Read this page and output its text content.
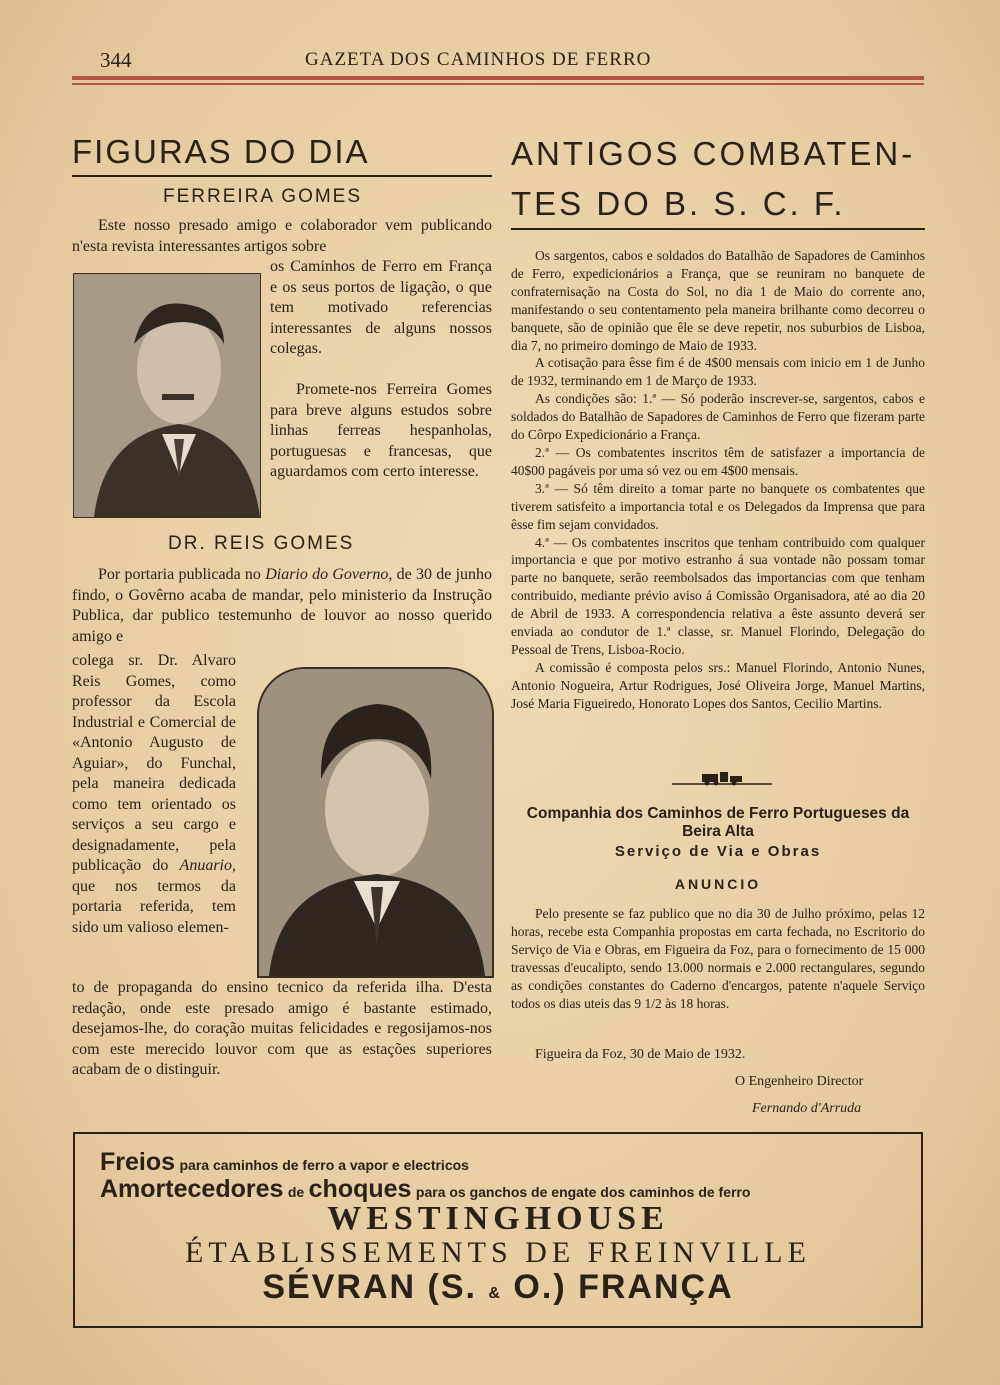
344	GAZETA DOS CAMINHOS DE FERRO
FIGURAS DO DIA
FERREIRA GOMES
Este nosso presado amigo e colaborador vem publicando n'esta revista interessantes artigos sobre
os Caminhos de Ferro em França e os seus portos de ligação, o que tem motivado referencias interessantes de alguns nossos colegas.
Promete-nos Ferreira Gomes para breve alguns estudos sobre linhas ferreas hespanholas, portuguesas e francesas, que aguardamos com certo interesse.
DR. REIS GOMES
Por portaria publicada no Diario do Governo, de 30 de junho findo, o Govêrno acaba de mandar, pelo ministerio da Instrução Publica, dar publico testemunho de louvor ao nosso querido amigo e
colega sr. Dr. Alvaro Reis Gomes, como professor da Escola Industrial e Comercial de «Antonio Augusto de Aguiar», do Funchal, pela maneira dedicada como tem orientado os serviços a seu cargo e designadamente, pela publicação do Anuario, que nos termos da portaria referida, tem sido um valioso elemen-
to de propaganda do ensino tecnico da referida ilha. D'esta redação, onde este presado amigo é bastante estimado, desejamos-lhe, do coração muitas felicidades e regosijamos-nos com este merecido louvor com que as estações superiores acabam de o distinguir.
ANTIGOS COMBATEN-
TES DO B. S. C. F.

Os sargentos, cabos e soldados do Batalhão de Sapadores de Caminhos de Ferro, expedicionários a França, que se reuniram no banquete de confraternisação na Costa do Sol, no dia 1 de Maio do corrente ano, manifestando o seu contentamento pela maneira brilhante como decorreu o banquete, são de opinião que êle se deve repetir, nos suburbios de Lisboa, dia 7, no primeiro domingo de Maio de 1933.

A cotisação para êsse fim é de 4$00 mensais com inicio em 1 de Junho de 1932, terminando em 1 de Março de 1933.

As condições são: 1.ª — Só poderão inscrever-se, sargentos, cabos e soldados do Batalhão de Sapadores de Caminhos de Ferro que fizeram parte do Côrpo Expedicionário a França.

2.ª — Os combatentes inscritos têm de satisfazer a importancia de 40$00 pagáveis por uma só vez ou em 4$00 mensais.

3.ª — Só têm direito a tomar parte no banquete os combatentes que tiverem satisfeito a importancia total e os Delegados da Imprensa que para êsse fim sejam convidados.

4.ª — Os combatentes inscritos que tenham contribuido com qualquer importancia e que por motivo estranho á sua vontade não possam tomar parte no banquete, serão reembolsados das importancias com que tenham contribuido, mediante prévio aviso á Comissão Organisadora, até ao dia 20 de Abril de 1933. A correspondencia relativa a êste assunto deverá ser enviada ao condutor de 1.ª classe, sr. Manuel Florindo, Delegação do Pessoal de Trens, Lisboa-Rocio.

A comissão é composta pelos srs.: Manuel Florindo, Antonio Nunes, Antonio Nogueira, Artur Rodrigues, José Oliveira Jorge, Manuel Martins, José Maria Figueiredo, Honorato Lopes dos Santos, Cecilio Martins.

Companhia dos Caminhos de Ferro Portugueses da Beira Alta
Serviço de Via e Obras
ANUNCIO
Pelo presente se faz publico que no dia 30 de Julho próximo, pelas 12 horas, recebe esta Companhia propostas em carta fechada, no Escritorio do Serviço de Via e Obras, em Figueira da Foz, para o fornecimento de 15 000 travessas d'eucalipto, sendo 13.000 normais e 2.000 rectangulares, segundo as condições constantes do Caderno d'encargos, patente n'aquele Serviço todos os dias uteis das 9 1/2 às 18 horas.
Figueira da Foz, 30 de Maio de 1932.
O Engenheiro Director
Fernando d'Arruda
Freios para caminhos de ferro a vapor e electricos
Amortecedores de choques para os ganchos de engate dos caminhos de ferro
WESTINGHOUSE
ÉTABLISSEMENTS DE FREINVILLE
SÉVRAN (S. & O.) FRANÇA
